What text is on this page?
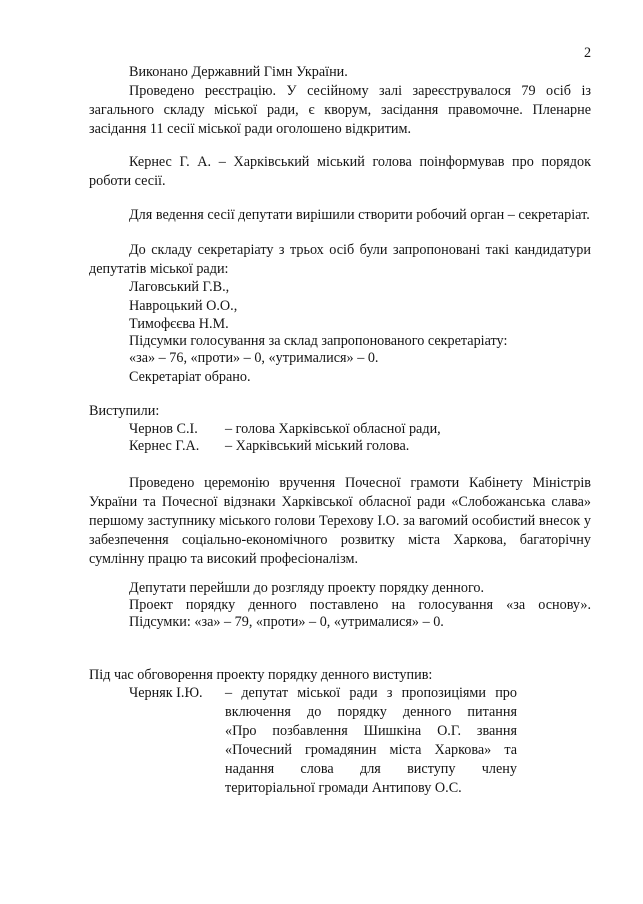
2
Виконано Державний Гімн України.
Проведено реєстрацію. У сесійному залі зареєструвалося 79 осіб із загального складу міської ради, є кворум, засідання правомочне. Пленарне засідання 11 сесії міської ради оголошено відкритим.
Кернес Г. А. – Харківський міський голова поінформував про порядок роботи сесії.
Для ведення сесії депутати вирішили створити робочий орган – секретаріат.
До складу секретаріату з трьох осіб були запропоновані такі кандидатури депутатів міської ради:
Лаговський Г.В.,
Навроцький О.О.,
Тимофєєва Н.М.
Підсумки голосування за склад запропонованого секретаріату:
«за» – 76, «проти» – 0, «утрималися» – 0.
Секретаріат обрано.
Виступили:
Чернов С.І. – голова Харківської обласної ради,
Кернес Г.А. – Харківський міський голова.
Проведено церемонію вручення Почесної грамоти Кабінету Міністрів України та Почесної відзнаки Харківської обласної ради «Слобожанська слава» першому заступнику міського голови Терехову І.О. за вагомий особистий внесок у забезпечення соціально-економічного розвитку міста Харкова, багаторічну сумлінну працю та високий професіоналізм.
Депутати перейшли до розгляду проекту порядку денного.
Проект порядку денного поставлено на голосування «за основу».
Підсумки: «за» – 79, «проти» – 0, «утрималися» – 0.
Під час обговорення проекту порядку денного виступив:
Черняк І.Ю. – депутат міської ради з пропозиціями про
включення до порядку денного питання
«Про позбавлення Шишкіна О.Г. звання
«Почесний громадянин міста Харкова» та
надання слова для виступу члену
територіальної громади Антипову О.С.
